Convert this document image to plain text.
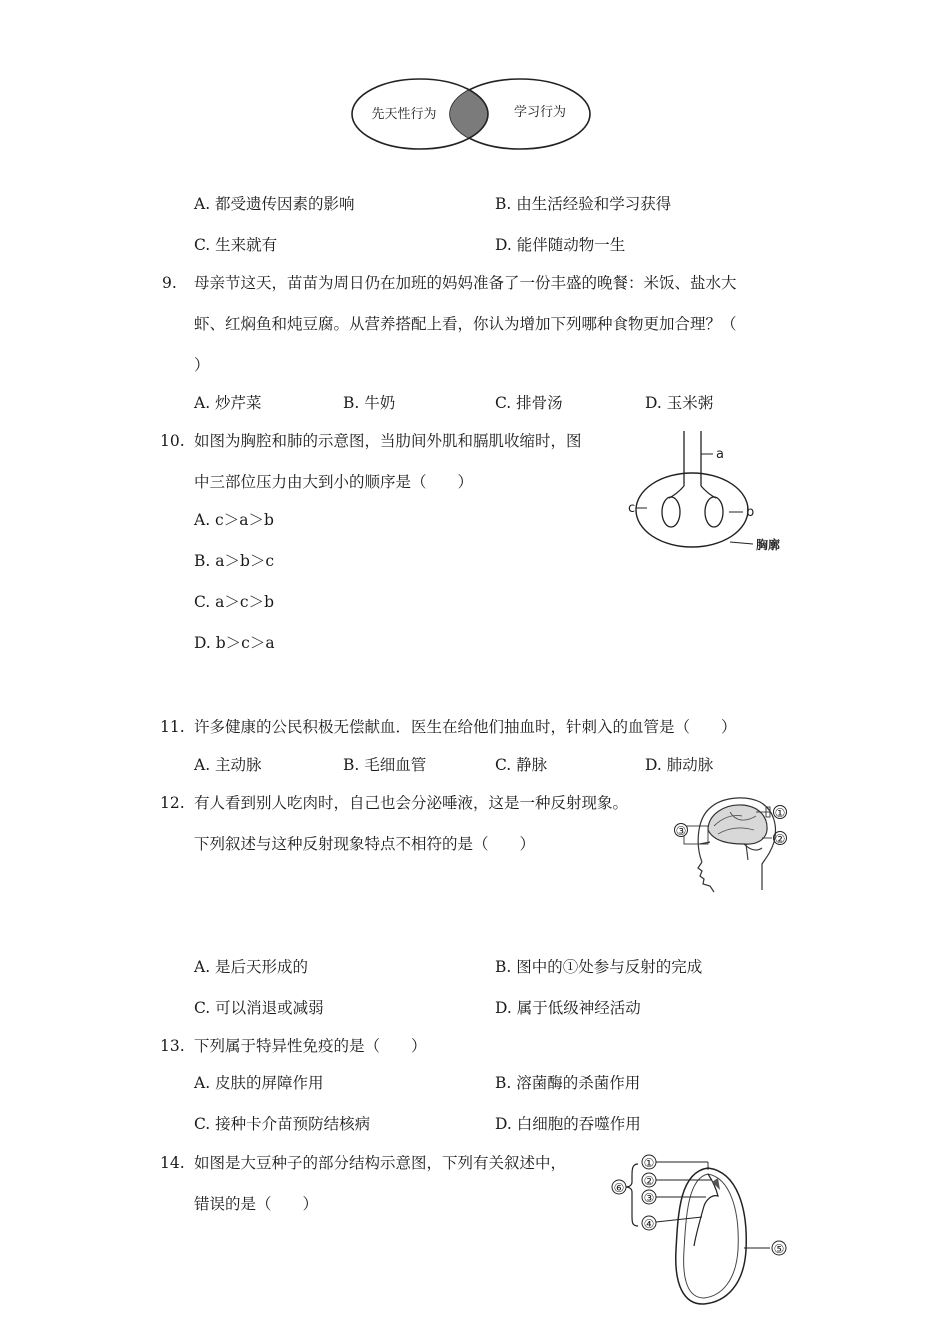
先天性行为	学习行为
A. 都受遗传因素的影响	B. 由生活经验和学习获得
C. 生来就有	D. 能伴随动物一生
9. 母亲节这天，苗苗为周日仍在加班的妈妈准备了一份丰盛的晚餐：米饭、盐水大
虾、红焖鱼和炖豆腐。从营养搭配上看，你认为增加下列哪种食物更加合理？（
）
A. 炒芹菜	B. 牛奶	C. 排骨汤	D. 玉米粥
10. 如图为胸腔和肺的示意图，当肋间外肌和膈肌收缩时，图
中三部位压力由大到小的顺序是（　　）
A. c＞a＞b
B. a＞b＞c
C. a＞c＞b
D. b＞c＞a
a
b
c
胸廓
11. 许多健康的公民积极无偿献血．医生在给他们抽血时，针刺入的血管是（　　）
A. 主动脉	B. 毛细血管	C. 静脉	D. 肺动脉
12. 有人看到别人吃肉时，自己也会分泌唾液，这是一种反射现象。
下列叙述与这种反射现象特点不相符的是（　　）
①
②
③
A. 是后天形成的	B. 图中的①处参与反射的完成
C. 可以消退或减弱	D. 属于低级神经活动
13. 下列属于特异性免疫的是（　　）
A. 皮肤的屏障作用	B. 溶菌酶的杀菌作用
C. 接种卡介苗预防结核病	D. 白细胞的吞噬作用
14. 如图是大豆种子的部分结构示意图，下列有关叙述中，
错误的是（　　）
①
②
③
④
⑤
⑥
